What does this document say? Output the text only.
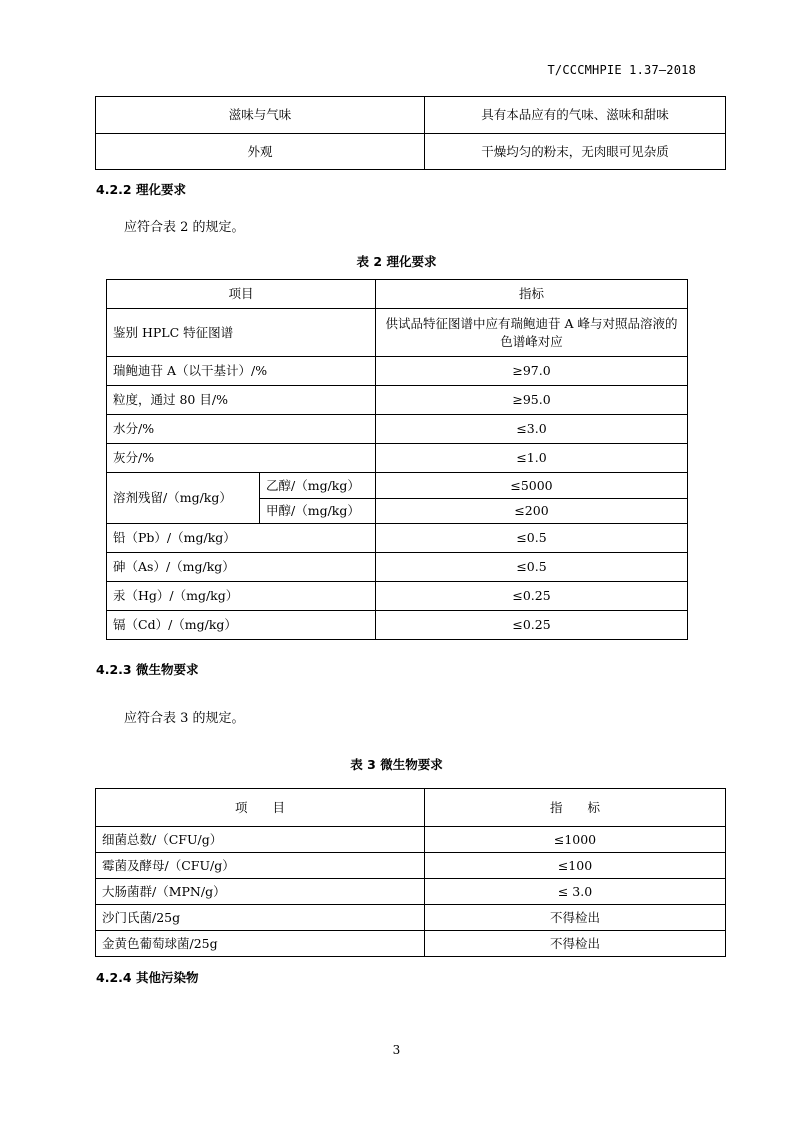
T/CCCMHPIE 1.37—2018
滋味与气味	具有本品应有的气味、滋味和甜味
外观	干燥均匀的粉末，无肉眼可见杂质
4.2.2 理化要求
应符合表 2 的规定。
表 2 理化要求
项目		指标
鉴别 HPLC 特征图谱		供试品特征图谱中应有瑞鲍迪苷 A 峰与对照品溶液的色谱峰对应
瑞鲍迪苷 A（以干基计）/%		≥97.0
粒度，通过 80 目/%		≥95.0
水分/%		≤3.0
灰分/%		≤1.0
溶剂残留/（mg/kg）	乙醇/（mg/kg）	≤5000
	甲醇/（mg/kg）	≤200
铅（Pb）/（mg/kg）		≤0.5
砷（As）/（mg/kg）		≤0.5
汞（Hg）/（mg/kg）		≤0.25
镉（Cd）/（mg/kg）		≤0.25
4.2.3 微生物要求
应符合表 3 的规定。
表 3 微生物要求
项　　目	指　　标
细菌总数/（CFU/g）	≤1000
霉菌及酵母/（CFU/g）	≤100
大肠菌群/（MPN/g）	≤ 3.0
沙门氏菌/25g	不得检出
金黄色葡萄球菌/25g	不得检出
4.2.4 其他污染物
3
